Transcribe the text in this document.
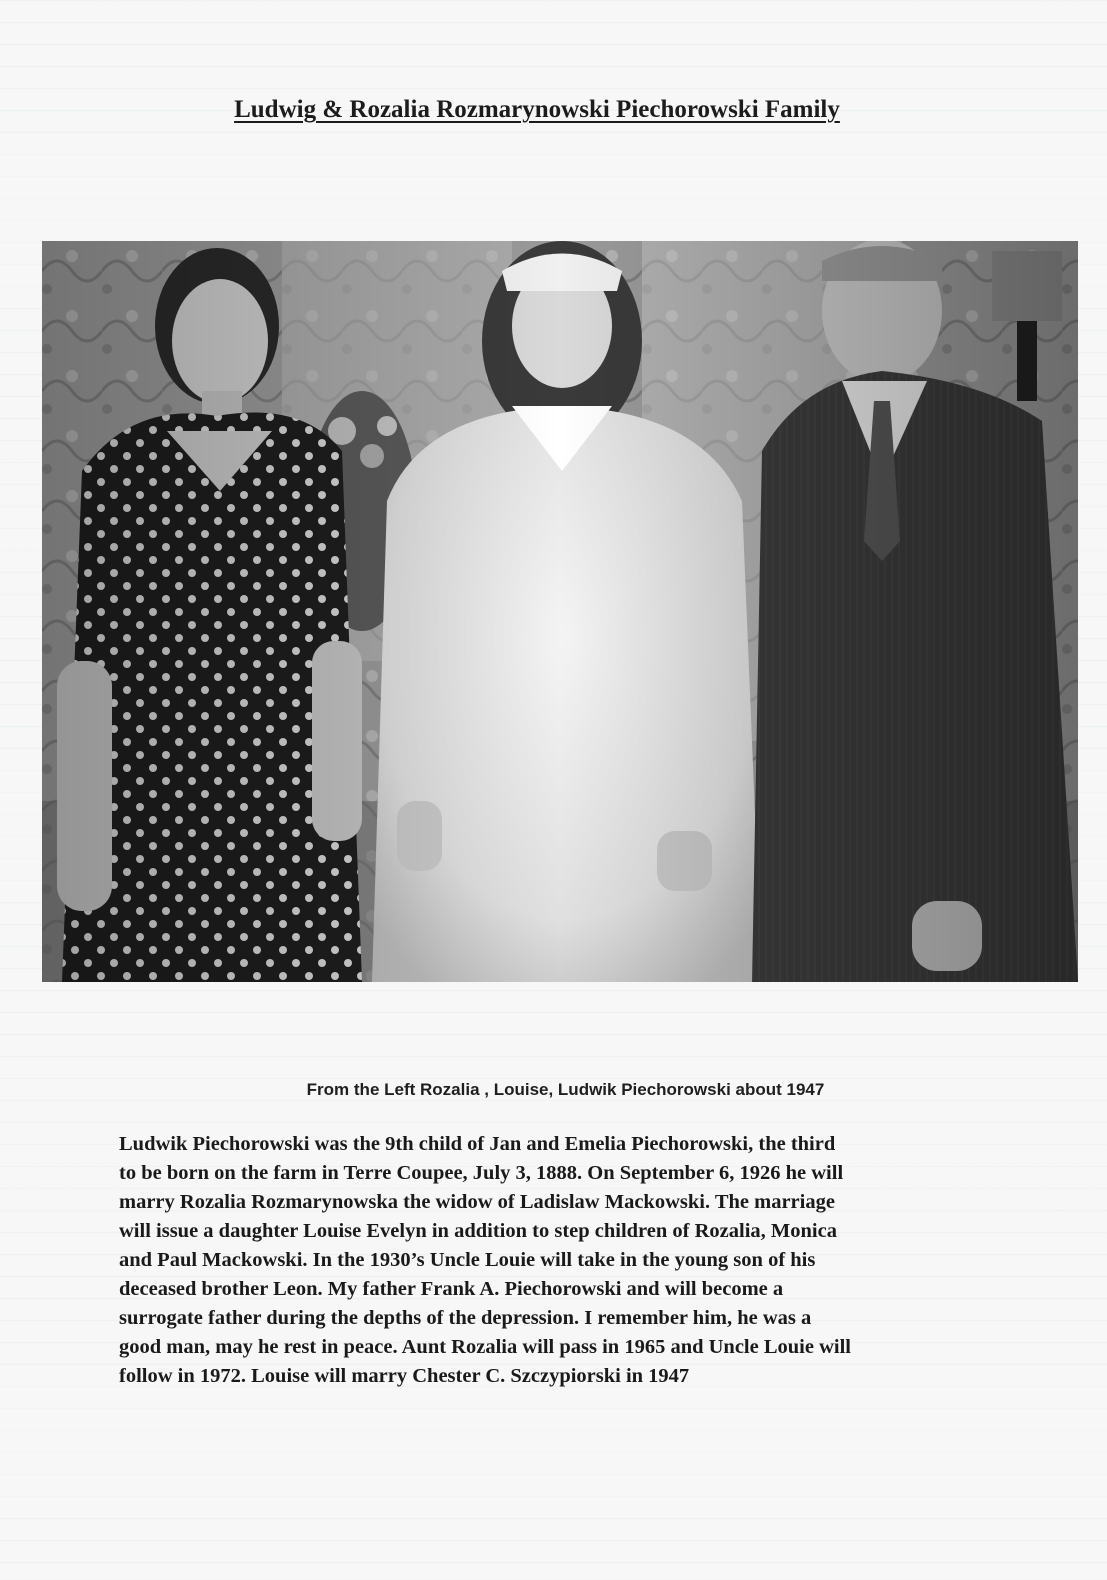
Ludwig & Rozalia Rozmarynowski Piechorowski Family

From the Left Rozalia , Louise, Ludwik Piechorowski about 1947

Ludwik Piechorowski was the 9th child of Jan and Emelia Piechorowski, the third
to be born on the farm in Terre Coupee, July 3, 1888. On September 6, 1926 he will
marry Rozalia Rozmarynowska the widow of Ladislaw Mackowski. The marriage
will issue a daughter Louise Evelyn in addition to step children of Rozalia, Monica
and Paul Mackowski. In the 1930’s Uncle Louie will take in the young son of his
deceased brother Leon. My father Frank A. Piechorowski and will become a
surrogate father during the depths of the depression. I remember him, he was a
good man, may he rest in peace. Aunt Rozalia will pass in 1965 and Uncle Louie will
follow in 1972. Louise will marry Chester C. Szczypiorski in 1947
